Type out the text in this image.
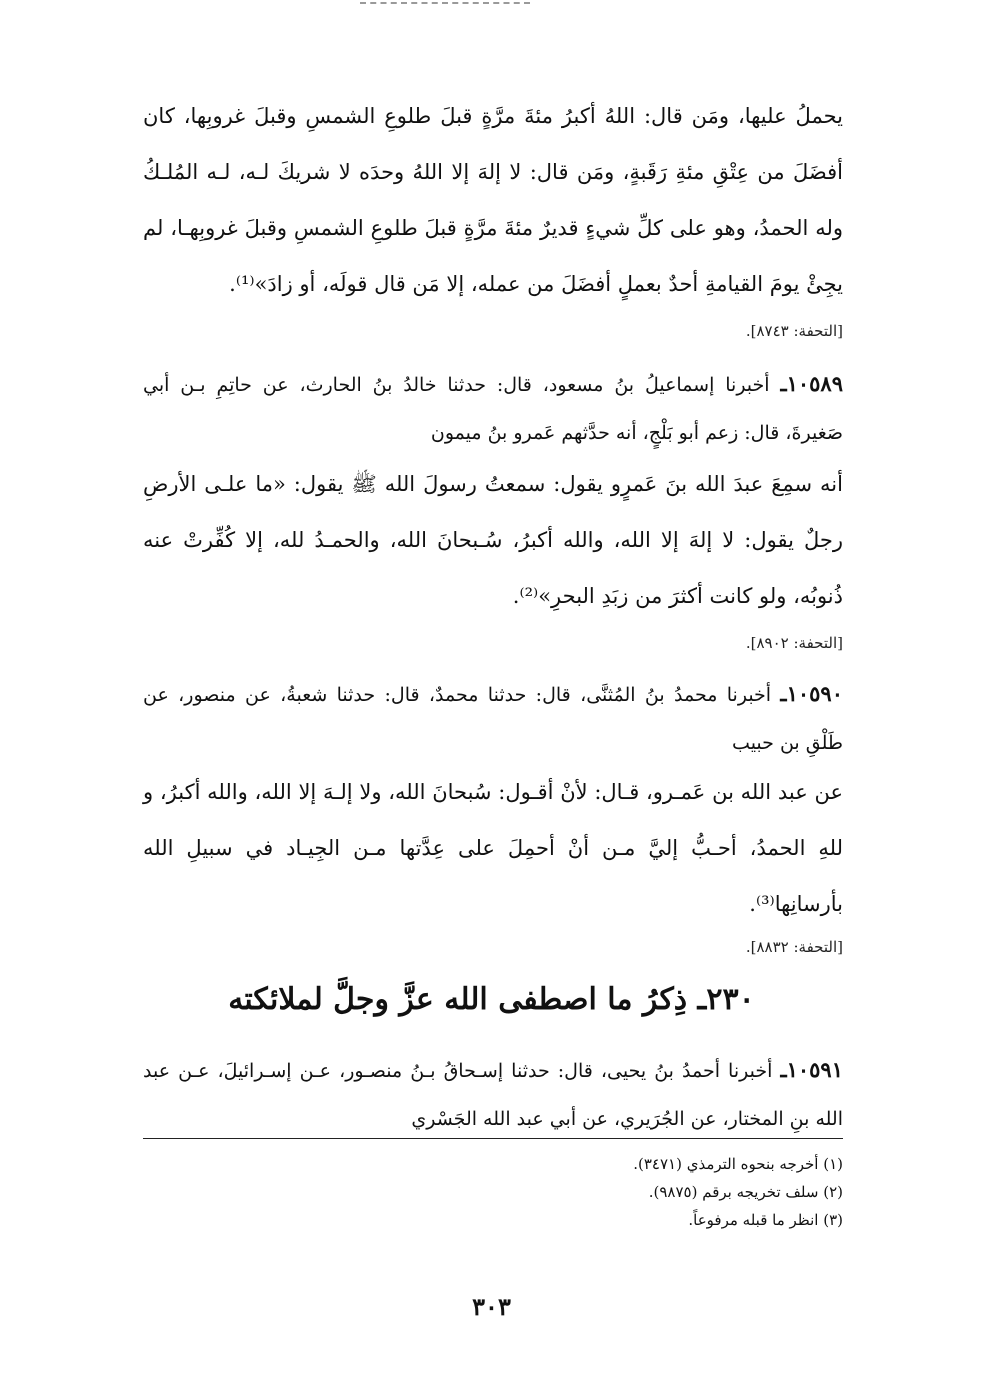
يحملُ عليها، ومَن قال: اللهُ أكبرُ مئةَ مرَّةٍ قبلَ طلوعِ الشمسِ وقبلَ غروبِها، كان أفضَلَ من عِتْقِ مئةِ رَقَبةٍ، ومَن قال: لا إلهَ إلا اللهُ وحدَه لا شريكَ لـه، لـه المُلـكُ وله الحمدُ، وهو على كلِّ شيءٍ قديرٌ مئةَ مرَّةٍ قبلَ طلوعِ الشمسِ وقبلَ غروبِهـا، لم يجِئْ يومَ القيامةِ أحدٌ بعملٍ أفضَلَ من عمله، إلا مَن قال قولَه، أو زادَ»⁽¹⁾.

[التحفة: ٨٧٤٣].

١٠٥٨٩ـ أخبرنا إسماعيلُ بنُ مسعود، قال: حدثنا خالدُ بنُ الحارث، عن حاتِمِ بـن أبي صَغيرةَ، قال: زعم أبو بَلْجٍ، أنه حدَّثهم عَمرو بنُ ميمون

أنه سمِعَ عبدَ الله بنَ عَمرٍو يقول: سمعتُ رسولَ الله ﷺ يقول: «ما علـى الأرضِ رجلٌ يقول: لا إلهَ إلا الله، والله أكبرُ، سُـبحانَ الله، والحمـدُ لله، إلا كُفِّرتْ عنه ذُنوبُه، ولو كانت أكثرَ من زبَدِ البحرِ»⁽²⁾.

[التحفة: ٨٩٠٢].

١٠٥٩٠ـ أخبرنا محمدُ بنُ المُثنَّى، قال: حدثنا محمدٌ، قال: حدثنا شعبةُ، عن منصور، عن طَلْقِ بن حبيب

عن عبد الله بن عَمـرو، قـال: لأنْ أقـول: سُبحانَ الله، ولا إلـهَ إلا الله، والله أكبرُ، و للهِ الحمدُ، أحـبُّ إليَّ مـن أنْ أحمِلَ على عِدَّتها مـن الجِيـاد في سبيلِ الله بأرسانِها⁽³⁾.

[التحفة: ٨٨٣٢].
٢٣٠ـ ذِكرُ ما اصطفى الله عزَّ وجلَّ لملائكته

١٠٥٩١ـ أخبرنا أحمدُ بنُ يحيى، قال: حدثنا إسـحاقُ بـنُ منصـور، عـن إسـرائيلَ، عـن عبد الله بنِ المختار، عن الجُرَيري، عن أبي عبد الله الجَسْري

(١) أخرجه بنحوه الترمذي (٣٤٧١).
(٢) سلف تخريجه برقم (٩٨٧٥).
(٣) انظر ما قبله مرفوعاً.
٣٠٣
